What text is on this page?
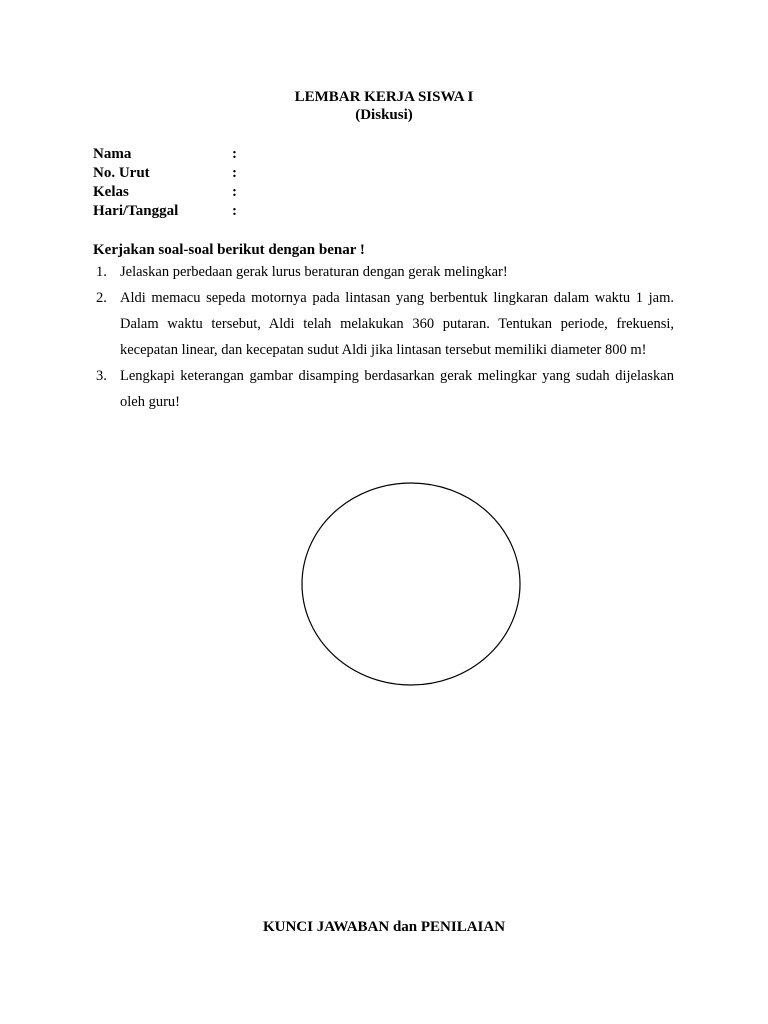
LEMBAR KERJA SISWA I
(Diskusi)
Nama	:
No. Urut	:
Kelas	:
Hari/Tanggal	:
Kerjakan soal-soal berikut dengan benar !
1. Jelaskan perbedaan gerak lurus beraturan dengan gerak melingkar!
2. Aldi memacu sepeda motornya pada lintasan yang berbentuk lingkaran dalam waktu 1 jam. Dalam waktu tersebut, Aldi telah melakukan 360 putaran. Tentukan periode, frekuensi, kecepatan linear, dan kecepatan sudut Aldi jika lintasan tersebut memiliki diameter 800 m!
3. Lengkapi keterangan gambar disamping berdasarkan gerak melingkar yang sudah dijelaskan oleh guru!
KUNCI JAWABAN dan PENILAIAN
